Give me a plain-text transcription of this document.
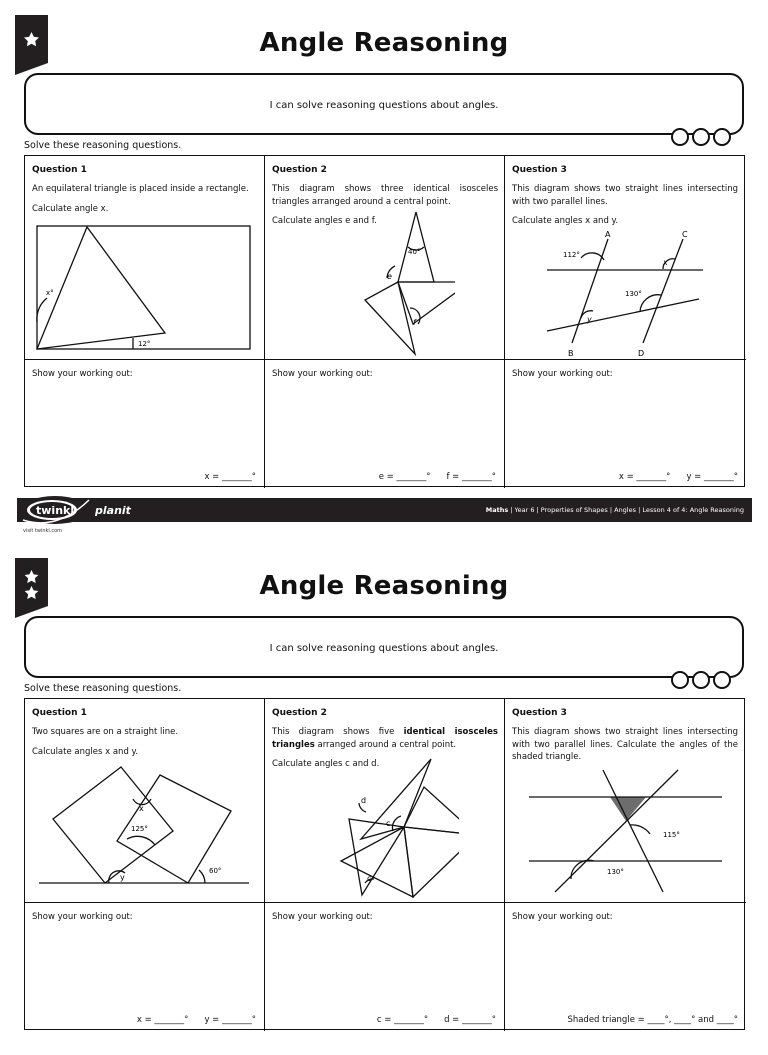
Angle Reasoning
I can solve reasoning questions about angles.
Solve these reasoning questions.
Question 1
An equilateral triangle is placed inside a rectangle.
Calculate angle x.
x°
12°
Question 2
This diagram shows three identical isosceles triangles arranged around a central point.
Calculate angles e and f.
40°
e
f
Question 3
This diagram shows two straight lines intersecting with two parallel lines.
Calculate angles x and y.
A	C
112°
x
130°
y
B	D
Show your working out:
x = _______°
Show your working out:
e = _______° f = _______°
Show your working out:
x = _______° y = _______°
twinkl planit	Maths | Year 6 | Properties of Shapes | Angles | Lesson 4 of 4: Angle Reasoning
visit twinkl.com
Angle Reasoning
I can solve reasoning questions about angles.
Solve these reasoning questions.
Question 1
Two squares are on a straight line.
Calculate angles x and y.
x
125°
60°
y
Question 2
This diagram shows five identical isosceles triangles arranged around a central point.
Calculate angles c and d.
d
c
c
Question 3
This diagram shows two straight lines intersecting with two parallel lines. Calculate the angles of the shaded triangle.
115°
130°
Show your working out:
x = _______° y = _______°
Show your working out:
c = _______° d = _______°
Show your working out:
Shaded triangle = ____°, ____° and ____°
